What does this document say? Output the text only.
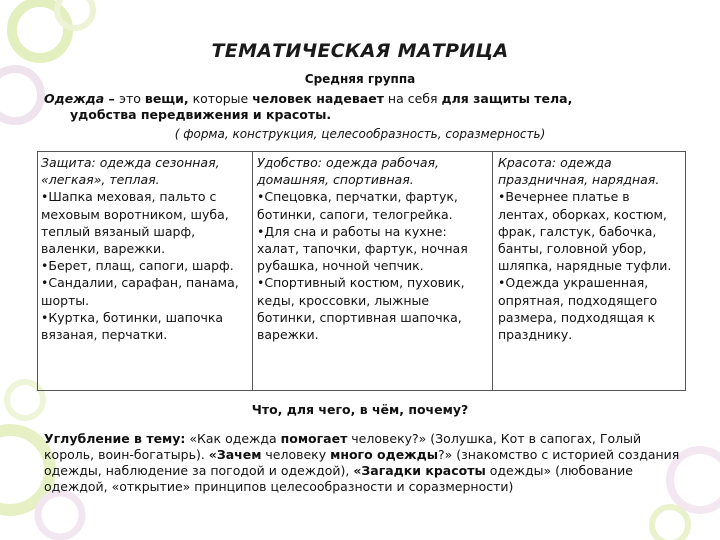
ТЕМАТИЧЕСКАЯ МАТРИЦА
Средняя группа
Одежда – это вещи, которые человек надевает на себя для защиты тела,
удобства передвижения и красоты.
( форма, конструкция, целесообразность, соразмерность)

Защита: одежда сезонная, «легкая», теплая.

• Шапка меховая, пальто с меховым воротником, шуба, теплый вязаный шарф, валенки, варежки.

• Берет, плащ, сапоги, шарф.

• Сандалии, сарафан, панама, шорты.

• Куртка, ботинки, шапочка вязаная, перчатки.

Удобство: одежда рабочая, домашняя, спортивная.

• Спецовка, перчатки, фартук, ботинки, сапоги, телогрейка.

• Для сна и работы на кухне: халат, тапочки, фартук, ночная рубашка, ночной чепчик.

• Спортивный костюм, пуховик, кеды, кроссовки, лыжные ботинки, спортивная шапочка, варежки.

Красота: одежда праздничная, нарядная.

• Вечернее платье в лентах, оборках, костюм, фрак, галстук, бабочка, банты, головной убор, шляпка, нарядные туфли.

• Одежда украшенная, опрятная, подходящего размера, подходящая к празднику.

Что, для чего, в чём, почему?
Углубление в тему: «Как одежда помогает человеку?» (Золушка, Кот в сапогах, Голый король, воин-богатырь). «Зачем человеку много одежды?» (знакомство с историей создания одежды, наблюдение за погодой и одеждой), «Загадки красоты одежды» (любование одеждой, «открытие» принципов целесообразности и соразмерности)
